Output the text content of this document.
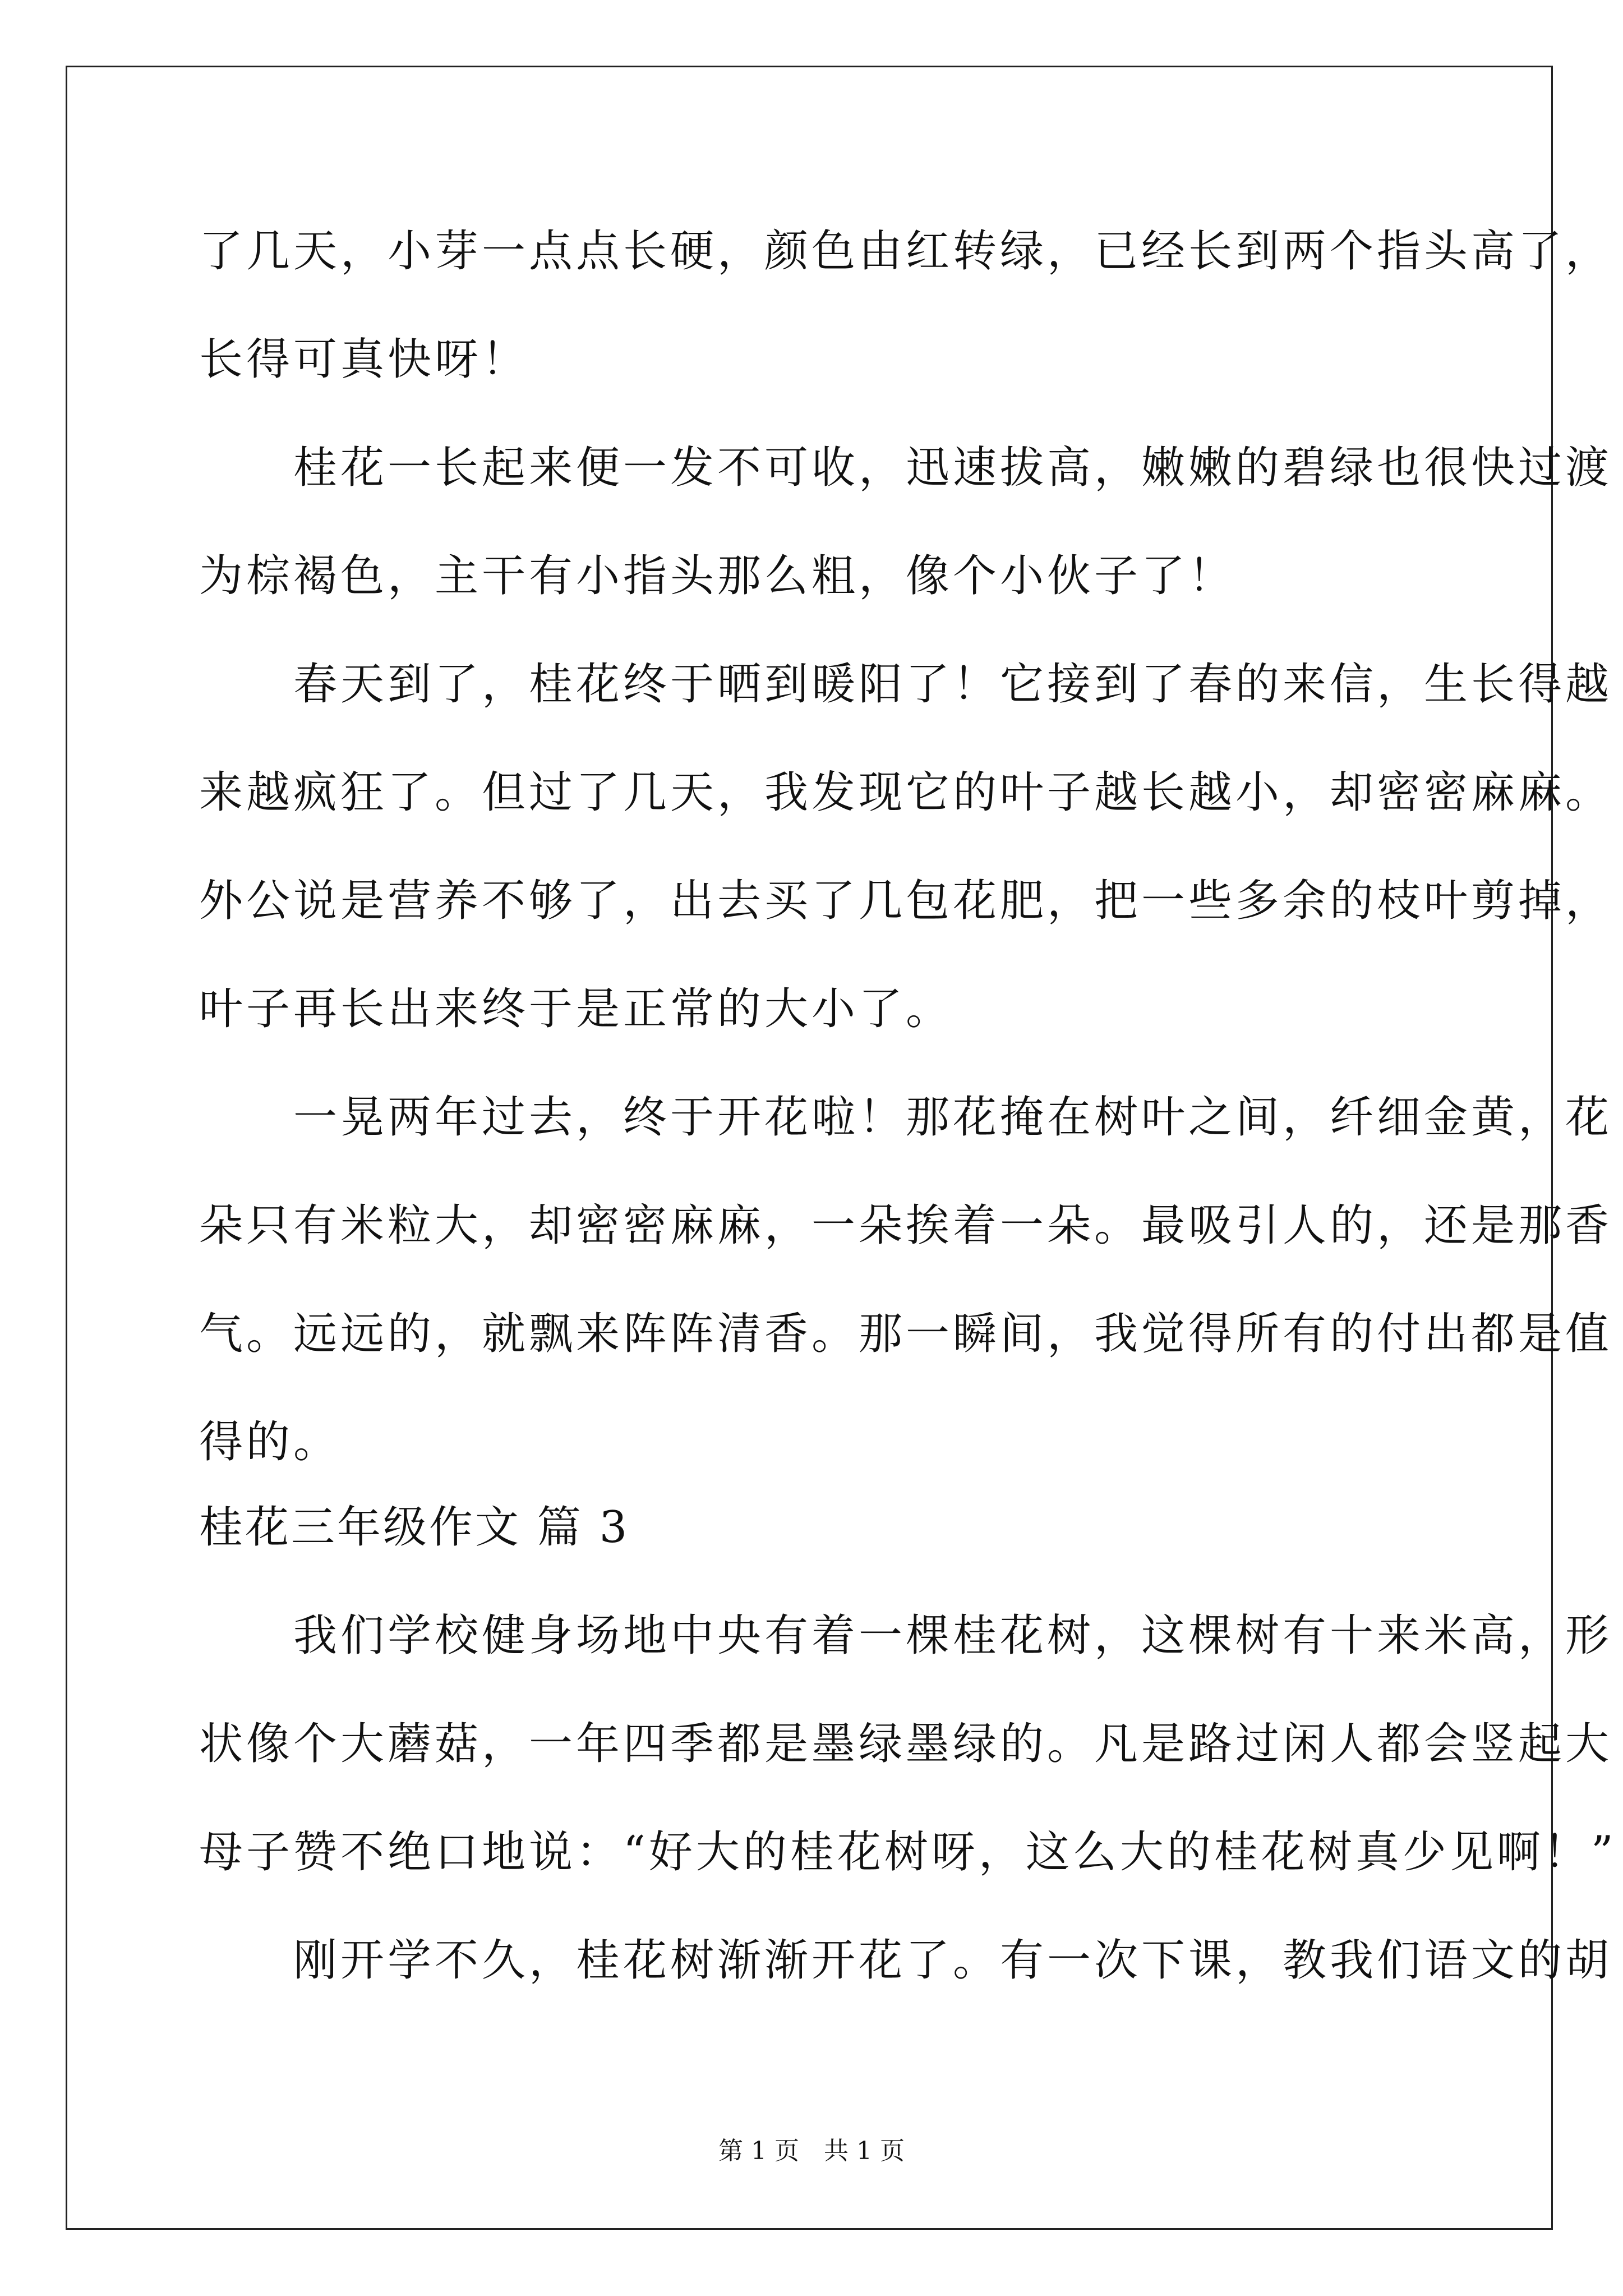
了几天，小芽一点点长硬，颜色由红转绿，已经长到两个指头高了，
长得可真快呀！
　　桂花一长起来便一发不可收，迅速拔高，嫩嫩的碧绿也很快过渡
为棕褐色，主干有小指头那么粗，像个小伙子了！
　　春天到了，桂花终于晒到暖阳了！它接到了春的来信，生长得越
来越疯狂了。但过了几天，我发现它的叶子越长越小，却密密麻麻。
外公说是营养不够了，出去买了几包花肥，把一些多余的枝叶剪掉，
叶子再长出来终于是正常的大小了。
　　一晃两年过去，终于开花啦！那花掩在树叶之间，纤细金黄，花
朵只有米粒大，却密密麻麻，一朵挨着一朵。最吸引人的，还是那香
气。远远的，就飘来阵阵清香。那一瞬间，我觉得所有的付出都是值
得的。
桂花三年级作文 篇 3
　　我们学校健身场地中央有着一棵桂花树，这棵树有十来米高，形
状像个大蘑菇，一年四季都是墨绿墨绿的。凡是路过闲人都会竖起大
母子赞不绝口地说：“好大的桂花树呀，这么大的桂花树真少见啊！”
　　刚开学不久，桂花树渐渐开花了。有一次下课，教我们语文的胡
第 1 页　共 1 页
